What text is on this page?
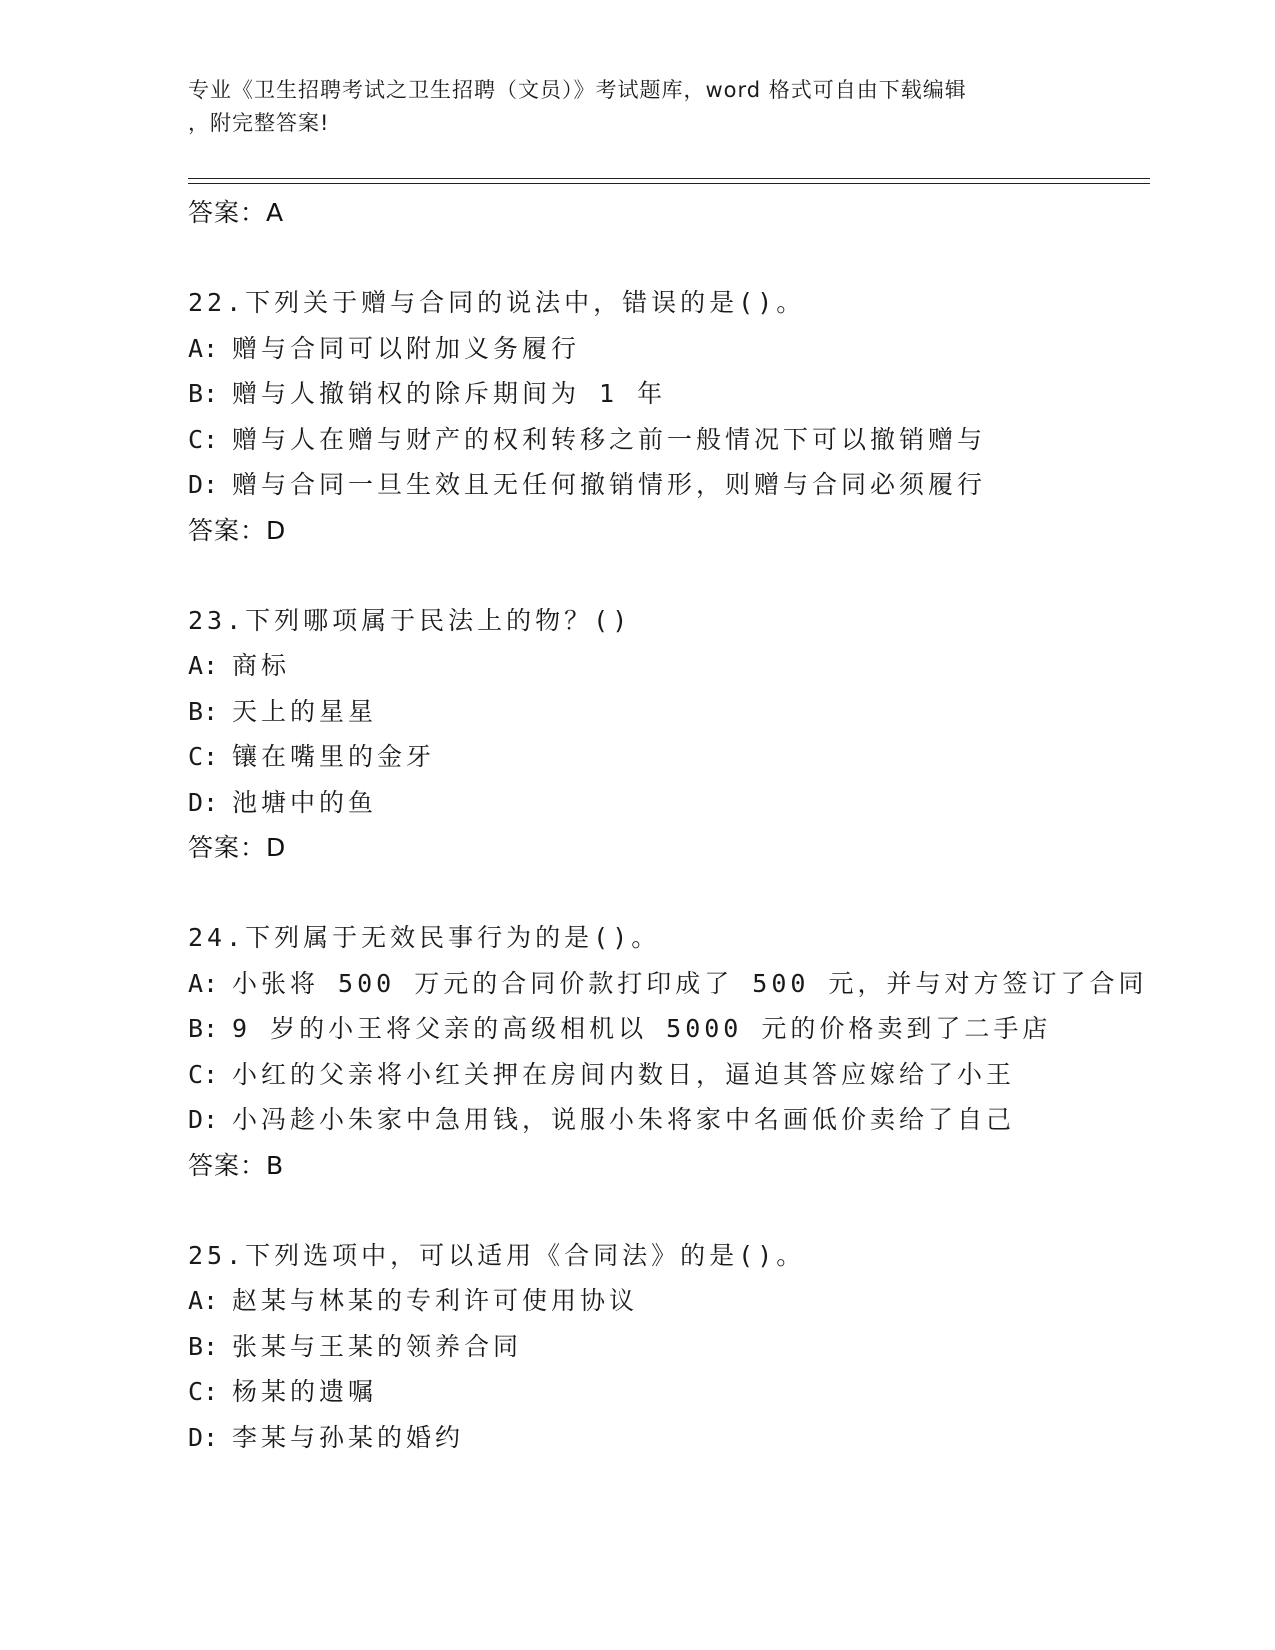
专业《卫生招聘考试之卫生招聘（文员）》考试题库，word 格式可自由下载编辑
，附完整答案!
答案：A
22.下列关于赠与合同的说法中，错误的是()。
A: 赠与合同可以附加义务履行
B: 赠与人撤销权的除斥期间为 1 年
C: 赠与人在赠与财产的权利转移之前一般情况下可以撤销赠与
D: 赠与合同一旦生效且无任何撤销情形，则赠与合同必须履行
答案：D
23.下列哪项属于民法上的物？()
A: 商标
B: 天上的星星
C: 镶在嘴里的金牙
D: 池塘中的鱼
答案：D
24.下列属于无效民事行为的是()。
A: 小张将 500 万元的合同价款打印成了 500 元，并与对方签订了合同
B: 9 岁的小王将父亲的高级相机以 5000 元的价格卖到了二手店
C: 小红的父亲将小红关押在房间内数日，逼迫其答应嫁给了小王
D: 小冯趁小朱家中急用钱，说服小朱将家中名画低价卖给了自己
答案：B
25.下列选项中，可以适用《合同法》的是()。
A: 赵某与林某的专利许可使用协议
B: 张某与王某的领养合同
C: 杨某的遗嘱
D: 李某与孙某的婚约
